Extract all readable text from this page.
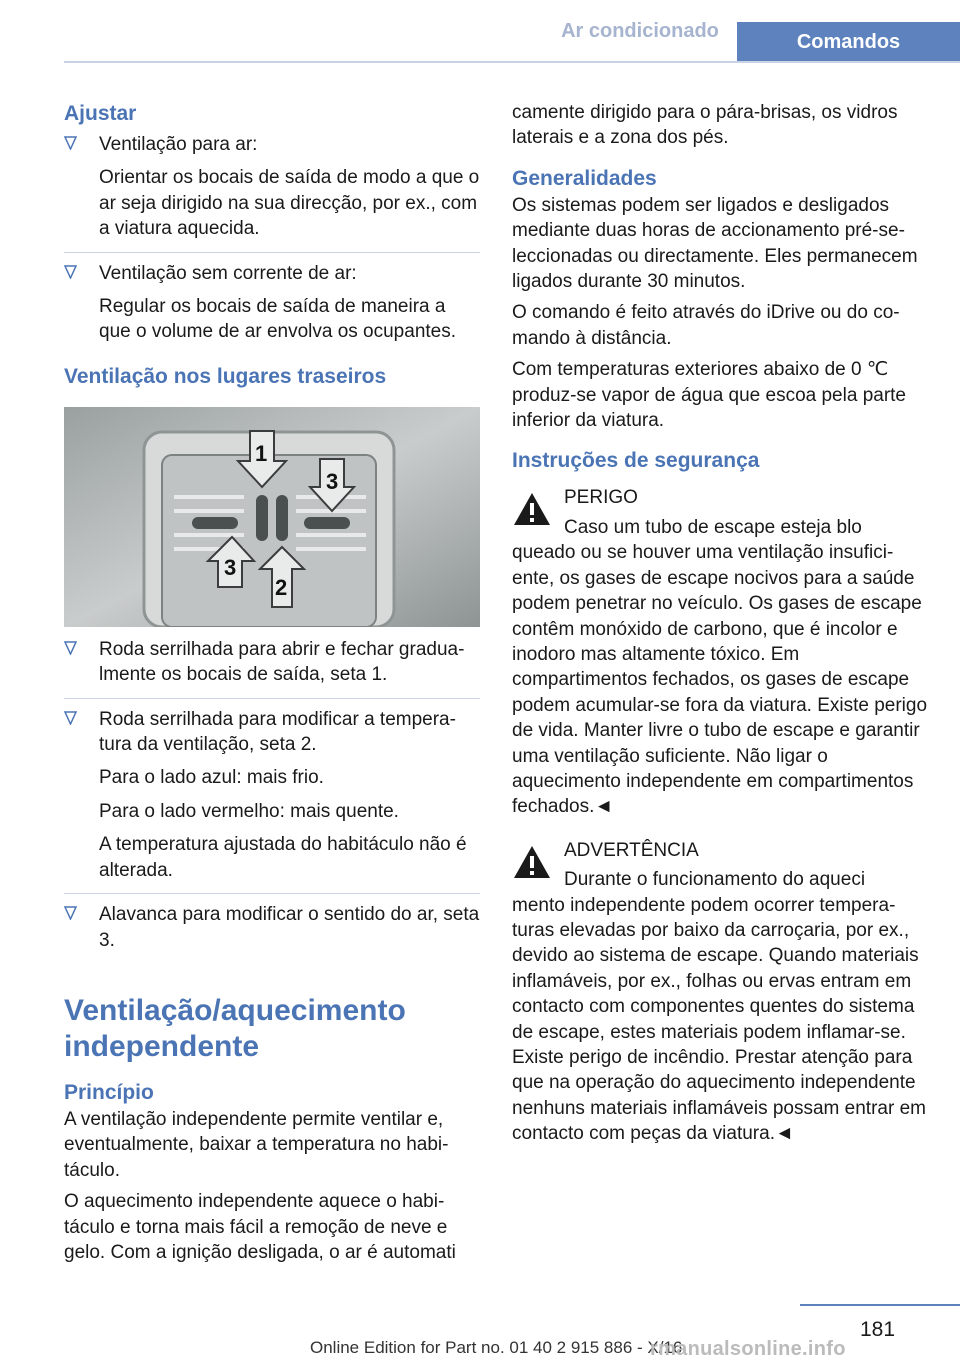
Ar condicionado	Comandos
Ajustar

Ventilação para ar:

Orientar os bocais de saída de modo a que o ar seja dirigido na sua direcção, por ex., com a viatura aquecida.

Ventilação sem corrente de ar:

Regular os bocais de saída de maneira a que o volume de ar envolva os ocupantes.

Ventilação nos lugares traseiros
1
2
3
3

Roda serrilhada para abrir e fechar gradualmente os bocais de saída, seta 1.

Roda serrilhada para modificar a temperatura da ventilação, seta 2.

Para o lado azul: mais frio.

Para o lado vermelho: mais quente.

A temperatura ajustada do habitáculo não é alterada.

Alavanca para modificar o sentido do ar, seta 3.

Ventilação/aquecimento independente
Princípio

A ventilação independente permite ventilar e, eventualmente, baixar a temperatura no habitáculo.

O aquecimento independente aquece o habitáculo e torna mais fácil a remoção de neve e gelo. Com a ignição desligada, o ar é automati

camente dirigido para o pára-brisas, os vidros laterais e a zona dos pés.

Generalidades

Os sistemas podem ser ligados e desligados mediante duas horas de accionamento pré-seleccionadas ou directamente. Eles permanecem ligados durante 30 minutos.

O comando é feito através do iDrive ou do comando à distância.

Com temperaturas exteriores abaixo de 0 ℃ produz-se vapor de água que escoa pela parte inferior da viatura.

Instruções de segurança

PERIGO

Caso um tubo de escape esteja blo

queado ou se houver uma ventilação insuficiente, os gases de escape nocivos para a saúde podem penetrar no veículo. Os gases de escape contêm monóxido de carbono, que é incolor e inodoro mas altamente tóxico. Em compartimentos fechados, os gases de escape podem acumular-se fora da viatura. Existe perigo de vida. Manter livre o tubo de escape e garantir uma ventilação suficiente. Não ligar o aquecimento independente em compartimentos fechados.◄

ADVERTÊNCIA

Durante o funcionamento do aqueci

mento independente podem ocorrer temperaturas elevadas por baixo da carroçaria, por ex., devido ao sistema de escape. Quando materiais inflamáveis, por ex., folhas ou ervas entram em contacto com componentes quentes do sistema de escape, estes materiais podem inflamar-se. Existe perigo de incêndio. Prestar atenção para que na operação do aquecimento independente nenhuns materiais inflamáveis possam entrar em contacto com peças da viatura.◄

181
Online Edition for Part no. 01 40 2 915 886 - X/16
rmanualsonline.info
